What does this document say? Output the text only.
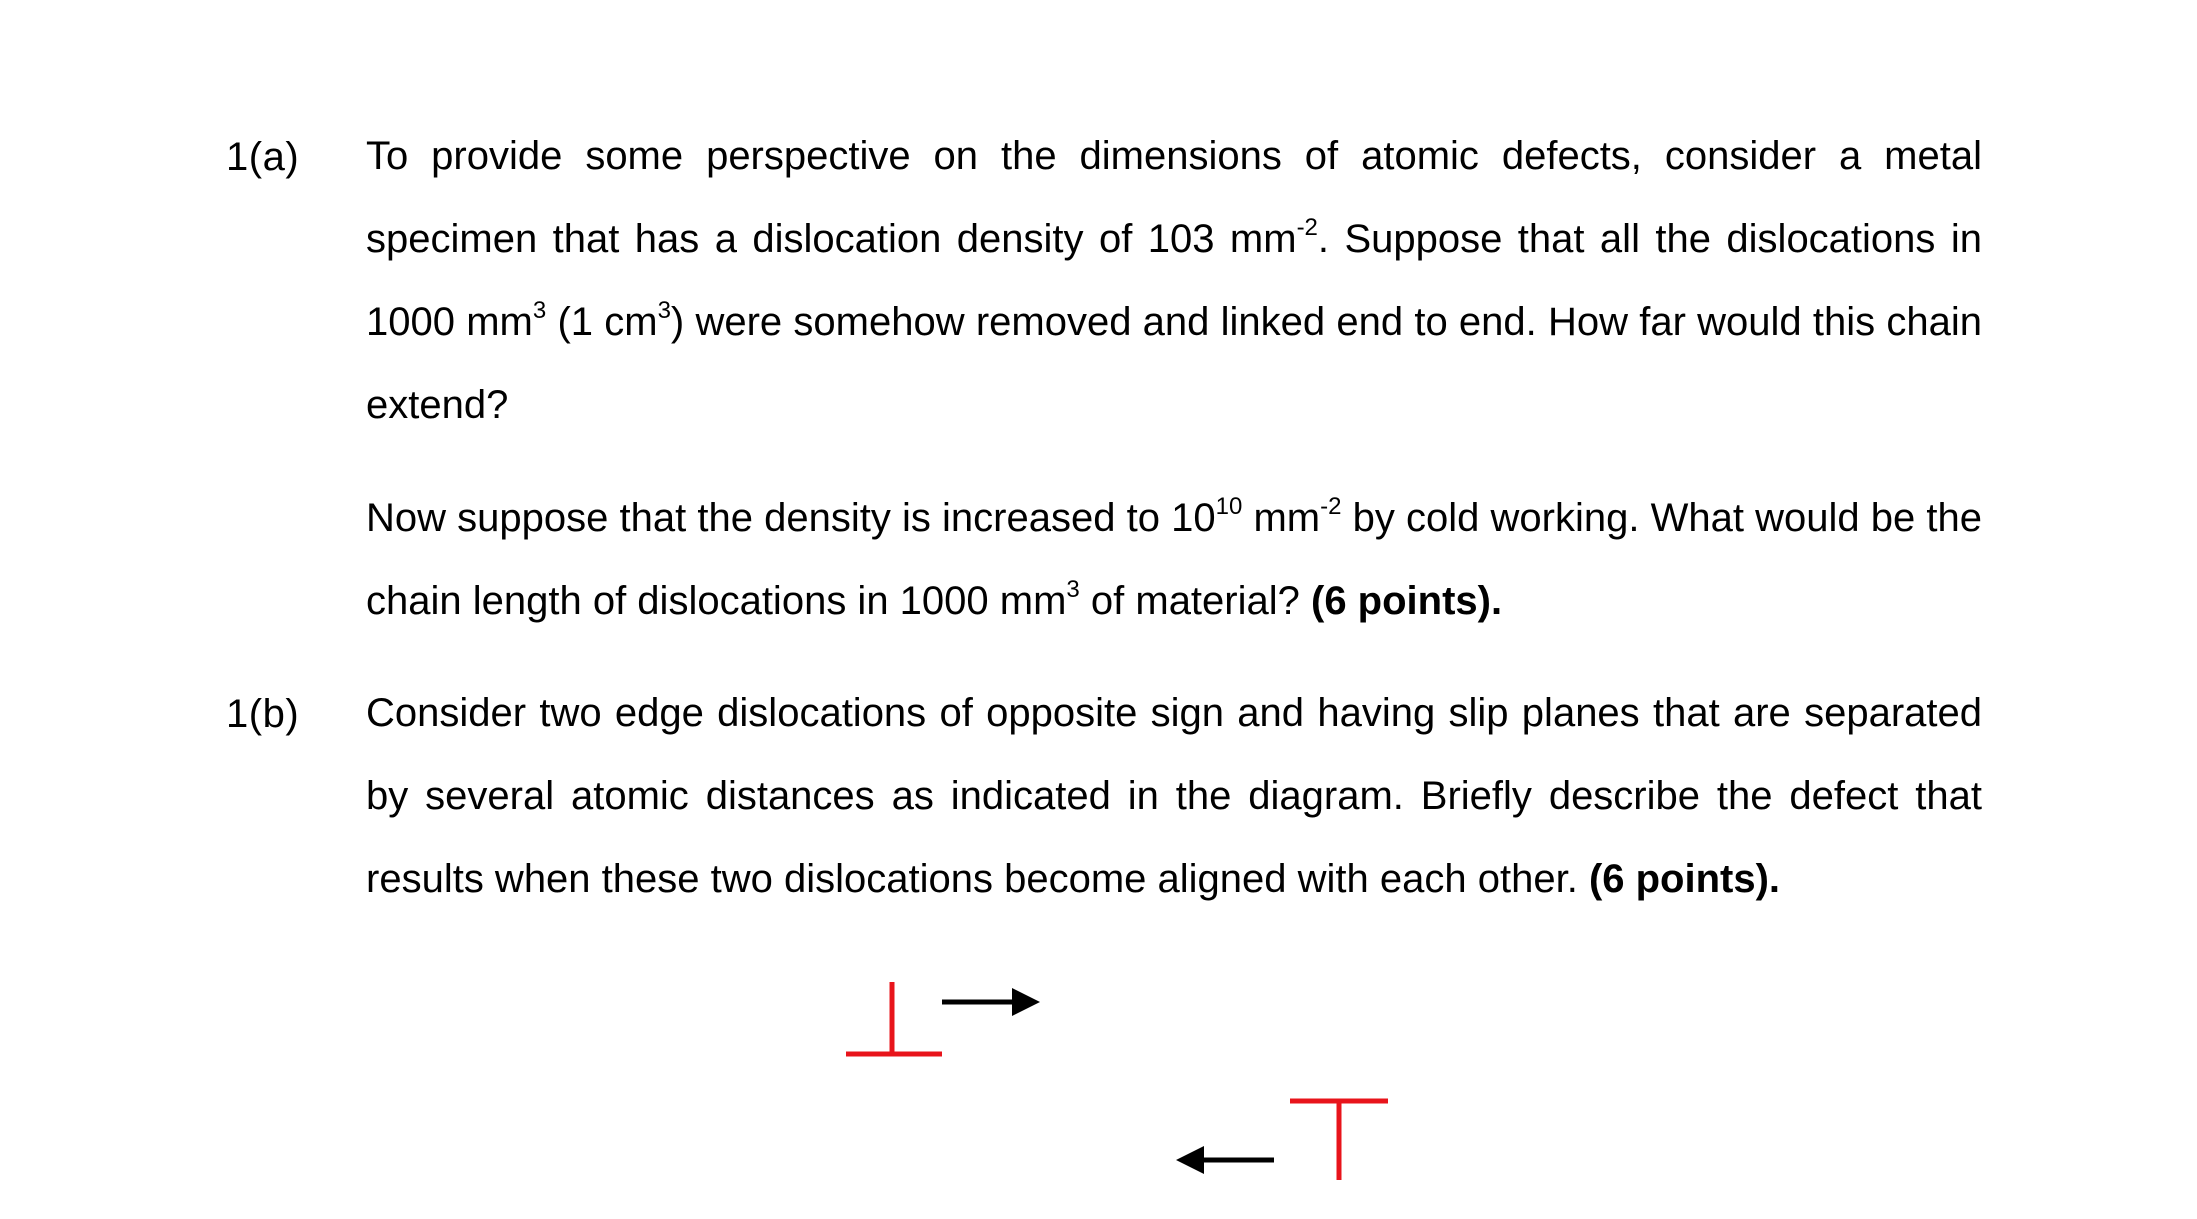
1(a) To provide some perspective on the dimensions of atomic defects, consider a metal specimen that has a dislocation density of 103 $mm^{-2}$. Suppose that all the dislocations in 1000 $mm^3$ (1 $cm^3$) were somehow removed and linked end to end. How far would this chain extend?

Now suppose that the density is increased to $10^{10}$ $mm^{-2}$ by cold working. What would be the chain length of dislocations in 1000 $mm^3$ of material? (6 points).

1(b) Consider two edge dislocations of opposite sign and having slip planes that are separated by several atomic distances as indicated in the diagram. Briefly describe the defect that results when these two dislocations become aligned with each other. (6 points).
